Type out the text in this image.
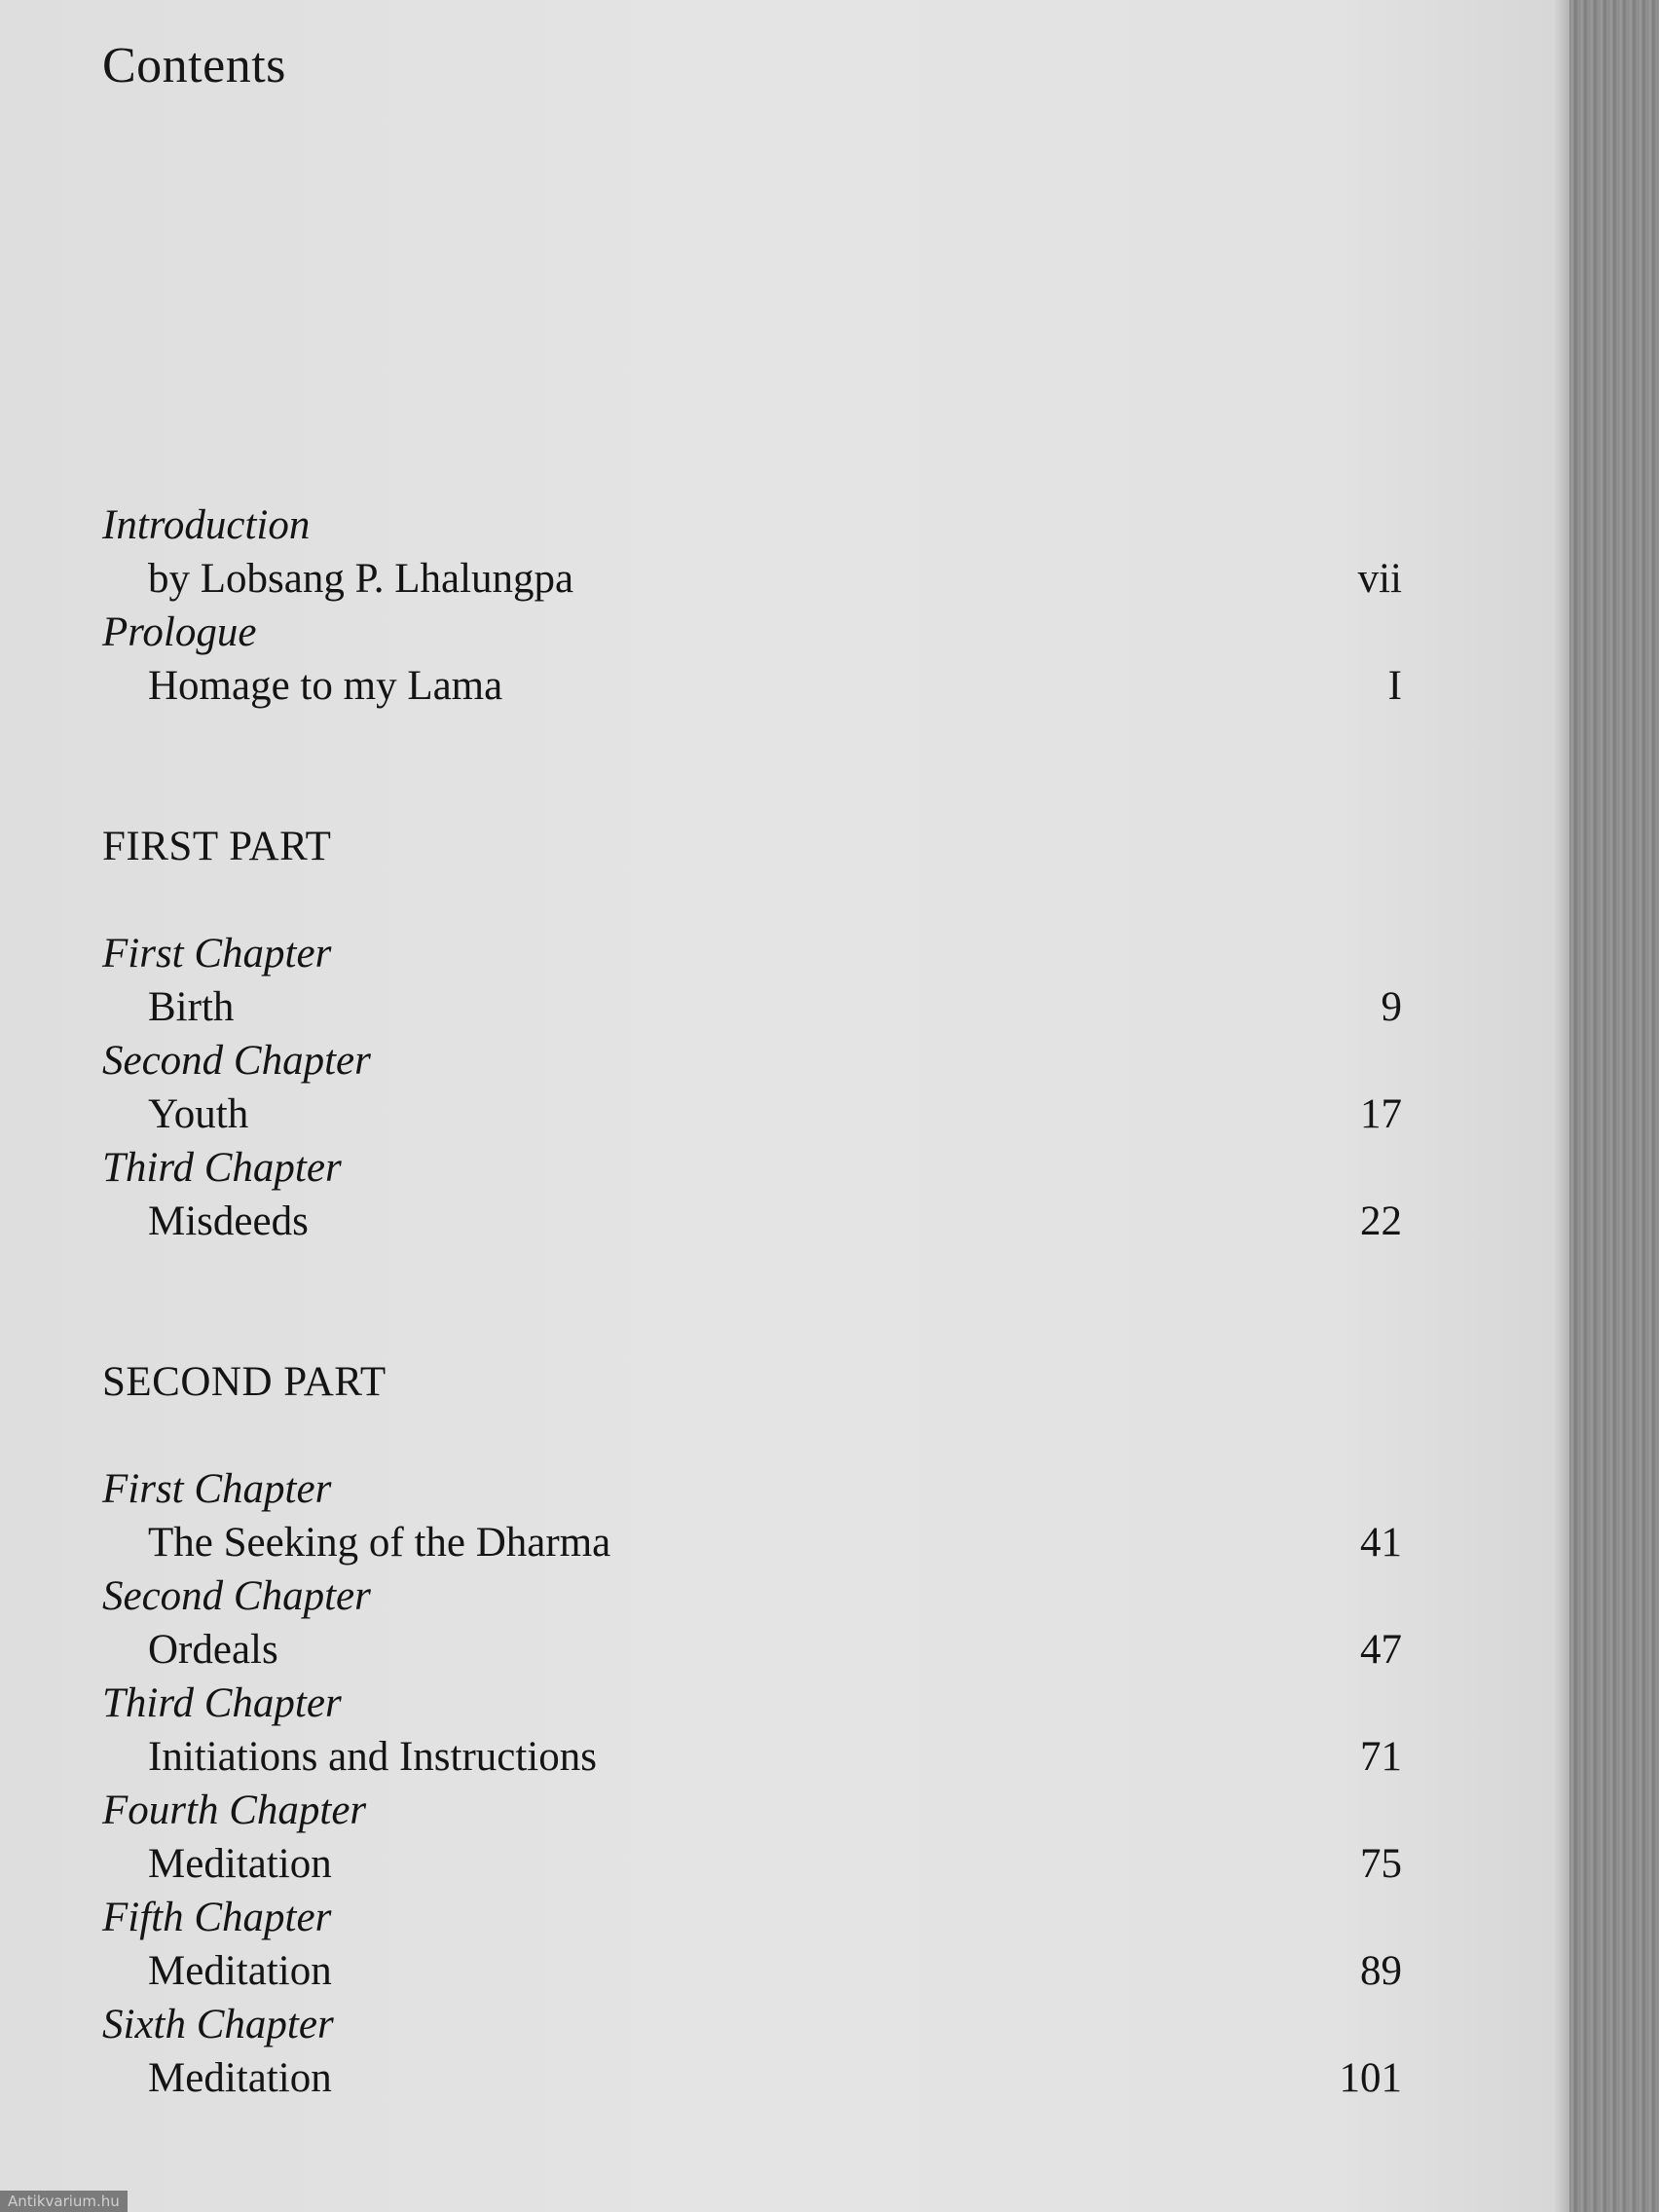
Contents
Introduction
by Lobsang P. Lhalungpa	vii
Prologue
Homage to my Lama	I
FIRST PART
First Chapter
Birth	9
Second Chapter
Youth	17
Third Chapter
Misdeeds	22
SECOND PART
First Chapter
The Seeking of the Dharma	41
Second Chapter
Ordeals	47
Third Chapter
Initiations and Instructions	71
Fourth Chapter
Meditation	75
Fifth Chapter
Meditation	89
Sixth Chapter
Meditation	101
Antikvarium.hu
